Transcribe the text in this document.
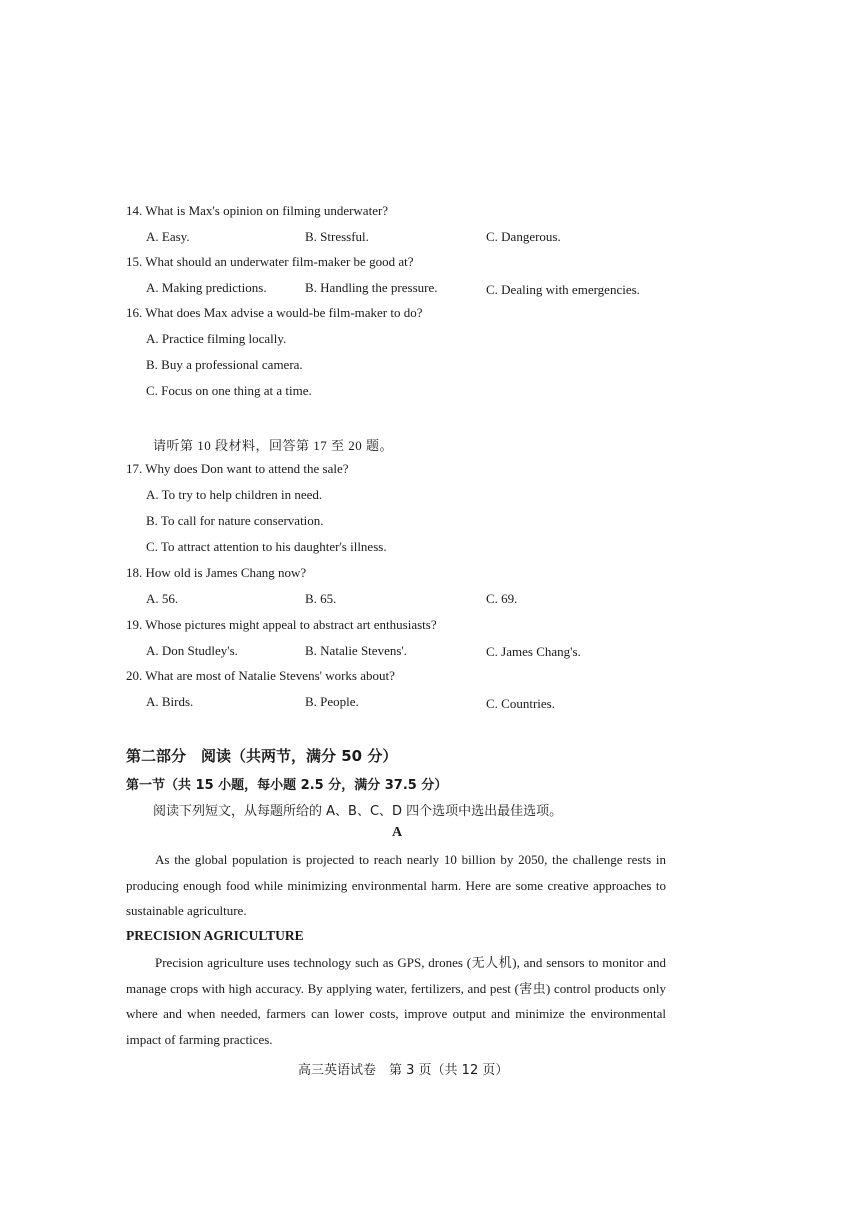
14. What is Max's opinion on filming underwater?
A. Easy.	B. Stressful.	C. Dangerous.
15. What should an underwater film-maker be good at?
A. Making predictions.	B. Handling the pressure.	C. Dealing with emergencies.
16. What does Max advise a would-be film-maker to do?
A. Practice filming locally.
B. Buy a professional camera.
C. Focus on one thing at a time.
请听第 10 段材料，回答第 17 至 20 题。
17. Why does Don want to attend the sale?
A. To try to help children in need.
B. To call for nature conservation.
C. To attract attention to his daughter's illness.
18. How old is James Chang now?
A. 56.	B. 65.	C. 69.
19. Whose pictures might appeal to abstract art enthusiasts?
A. Don Studley's.	B. Natalie Stevens'.	C. James Chang's.
20. What are most of Natalie Stevens' works about?
A. Birds.	B. People.	C. Countries.
第二部分　阅读（共两节，满分 50 分）
第一节（共 15 小题，每小题 2.5 分，满分 37.5 分）
阅读下列短文，从每题所给的 A、B、C、D 四个选项中选出最佳选项。
A
As the global population is projected to reach nearly 10 billion by 2050, the challenge rests in producing enough food while minimizing environmental harm. Here are some creative approaches to sustainable agriculture.
PRECISION AGRICULTURE
Precision agriculture uses technology such as GPS, drones (无人机), and sensors to monitor and manage crops with high accuracy. By applying water, fertilizers, and pest (害虫) control products only where and when needed, farmers can lower costs, improve output and minimize the environmental impact of farming practices.
高三英语试卷　第 3 页（共 12 页）
